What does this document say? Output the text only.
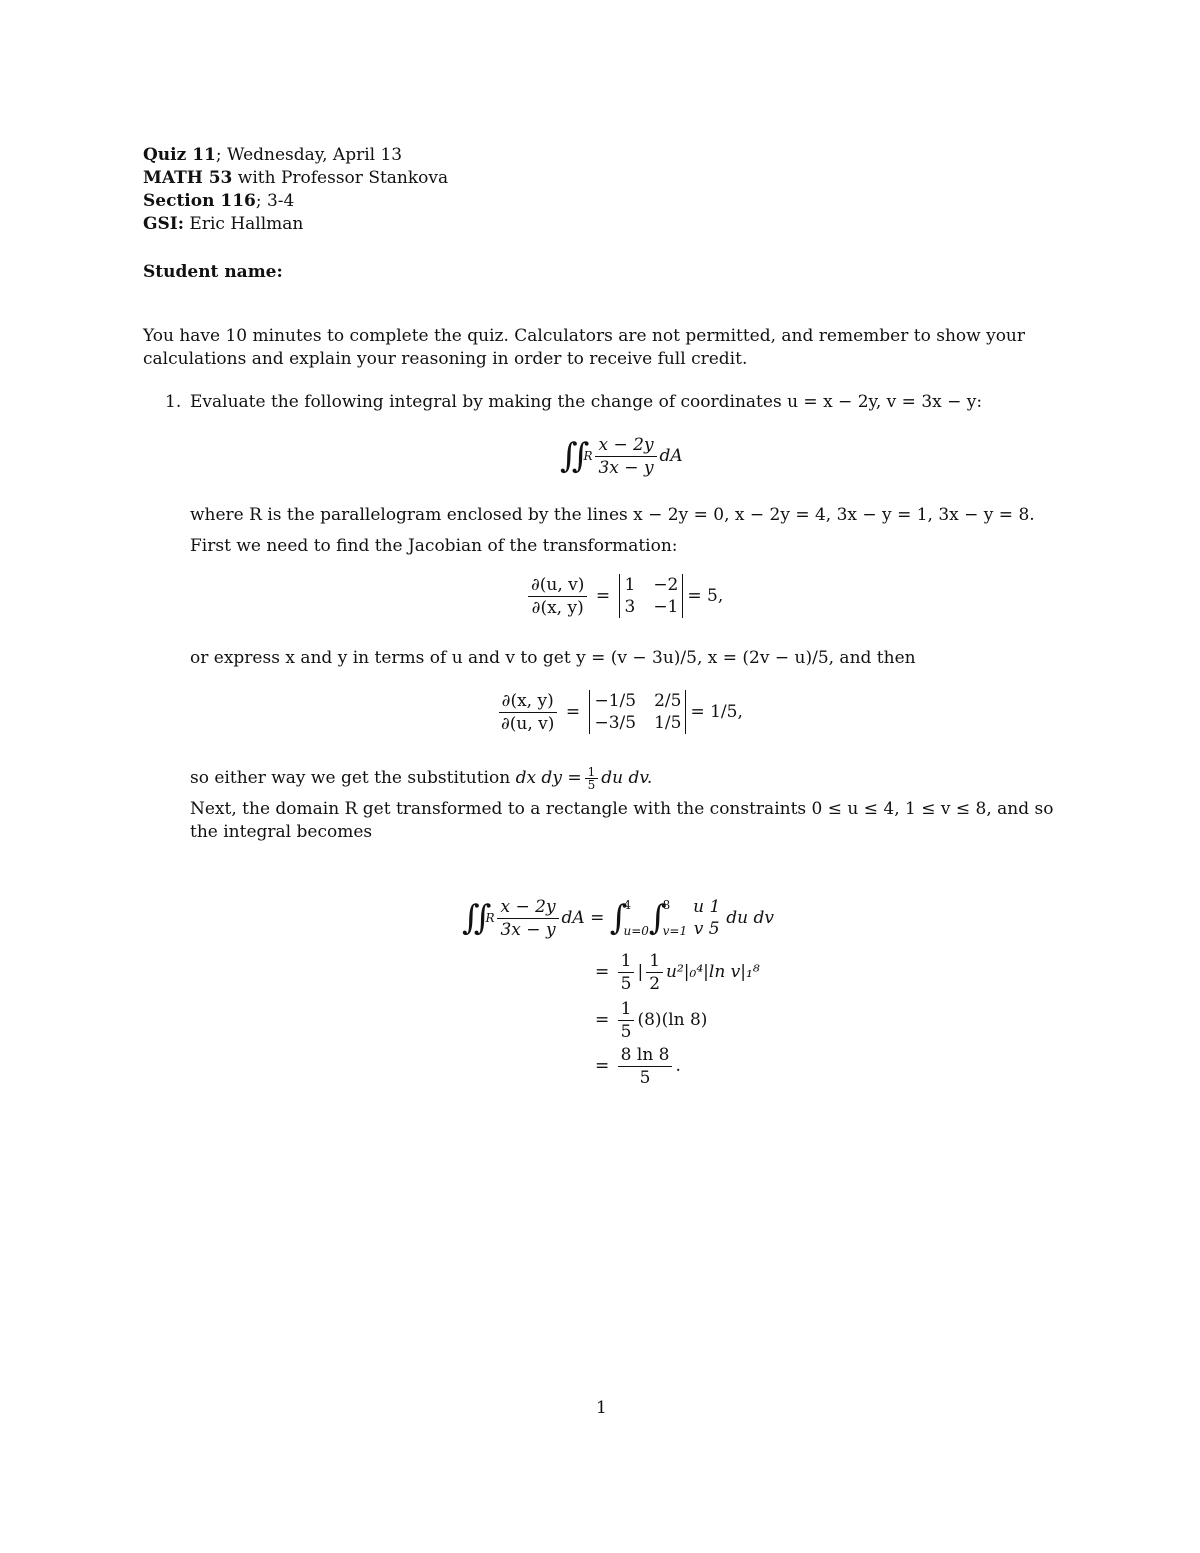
Quiz 11; Wednesday, April 13
MATH 53 with Professor Stankova
Section 116; 3-4
GSI: Eric Hallman
Student name:
You have 10 minutes to complete the quiz. Calculators are not permitted, and remember to show your calculations and explain your reasoning in order to receive full credit.
1. Evaluate the following integral by making the change of coordinates u = x − 2y, v = 3x − y:
∫∫ R $\frac{x - 2y}{3x - y}$ dA
where R is the parallelogram enclosed by the lines x − 2y = 0, x − 2y = 4, 3x − y = 1, 3x − y = 8.
First we need to find the Jacobian of the transformation:
$\frac{\partial(u, v)}{\partial(x, y)}$ =
1 −2
3 −1
= 5,
or express x and y in terms of u and v to get y = (v − 3u)/5, x = (2v − u)/5, and then
$\frac{\partial(x, y)}{\partial(u, v)}$ =
−1/5 2/5
−3/5 1/5
= 1/5,
so either way we get the substitution
dx dy = $\frac{1}{5}$ du dv.
Next, the domain R get transformed to a rectangle with the constraints 0 ≤ u ≤ 4, 1 ≤ v ≤ 8, and so the integral becomes
∫∫ R $\frac{x - 2y}{3x - y}$ dA = ∫ 4
u=0 ∫ 8
v=1
u 1
v 5
du dv
= $\frac{1}{5}$ | $\frac{1}{2} u^2|_0^4|\ln$ v|₁⁸
= $\frac{1}{5} (8)(\ln$ 8)
= $\frac{8 \ln 8}{5}$ .
1
